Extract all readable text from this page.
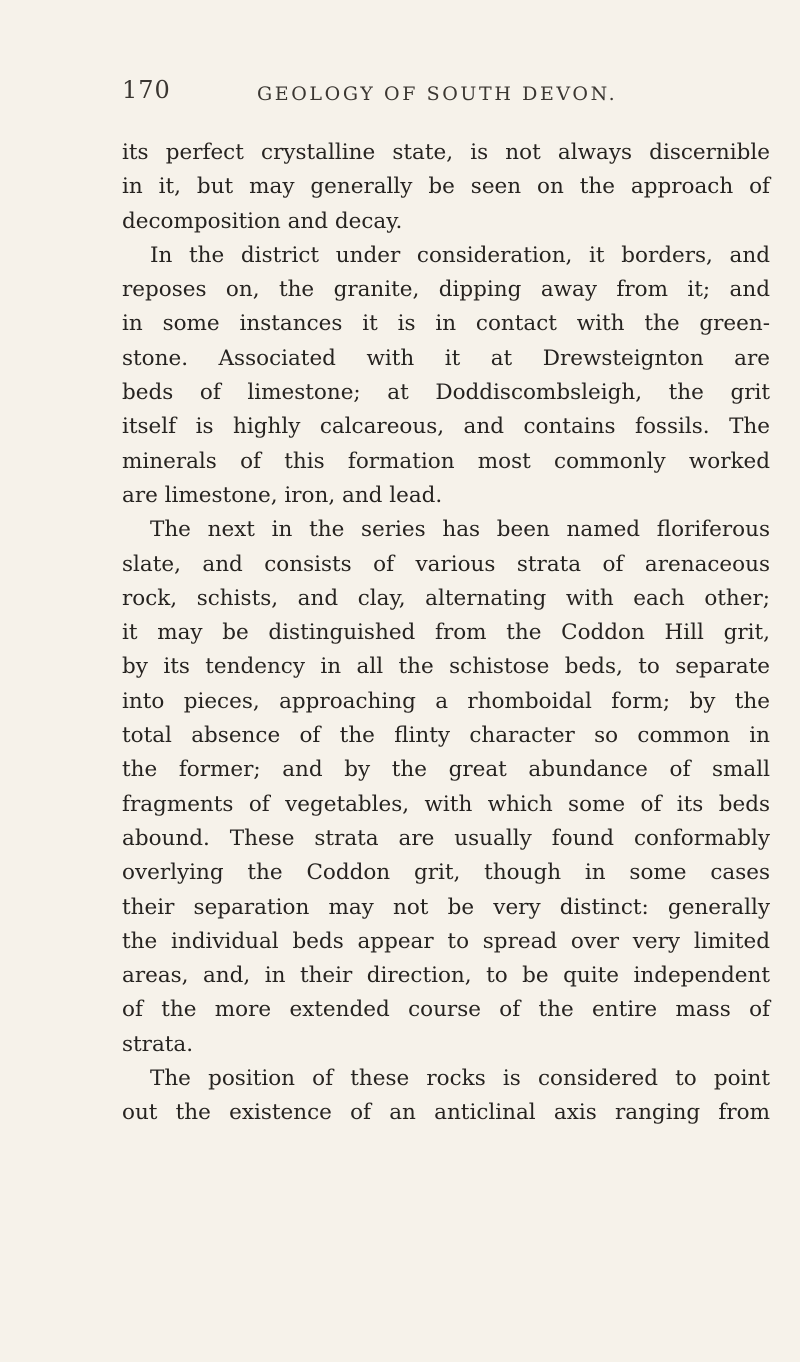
170	GEOLOGY OF SOUTH DEVON.
its perfect crystalline state, is not always discernible
in it, but may generally be seen on the approach of
decomposition and decay.
In the district under consideration, it borders, and
reposes on, the granite, dipping away from it; and
in some instances it is in contact with the green-
stone. Associated with it at Drewsteignton are
beds of limestone; at Doddiscombsleigh, the grit
itself is highly calcareous, and contains fossils. The
minerals of this formation most commonly worked
are limestone, iron, and lead.
The next in the series has been named floriferous
slate, and consists of various strata of arenaceous
rock, schists, and clay, alternating with each other;
it may be distinguished from the Coddon Hill grit,
by its tendency in all the schistose beds, to separate
into pieces, approaching a rhomboidal form; by the
total absence of the flinty character so common in
the former; and by the great abundance of small
fragments of vegetables, with which some of its beds
abound. These strata are usually found conformably
overlying the Coddon grit, though in some cases
their separation may not be very distinct: generally
the individual beds appear to spread over very limited
areas, and, in their direction, to be quite independent
of the more extended course of the entire mass of
strata.
The position of these rocks is considered to point
out the existence of an anticlinal axis ranging from
